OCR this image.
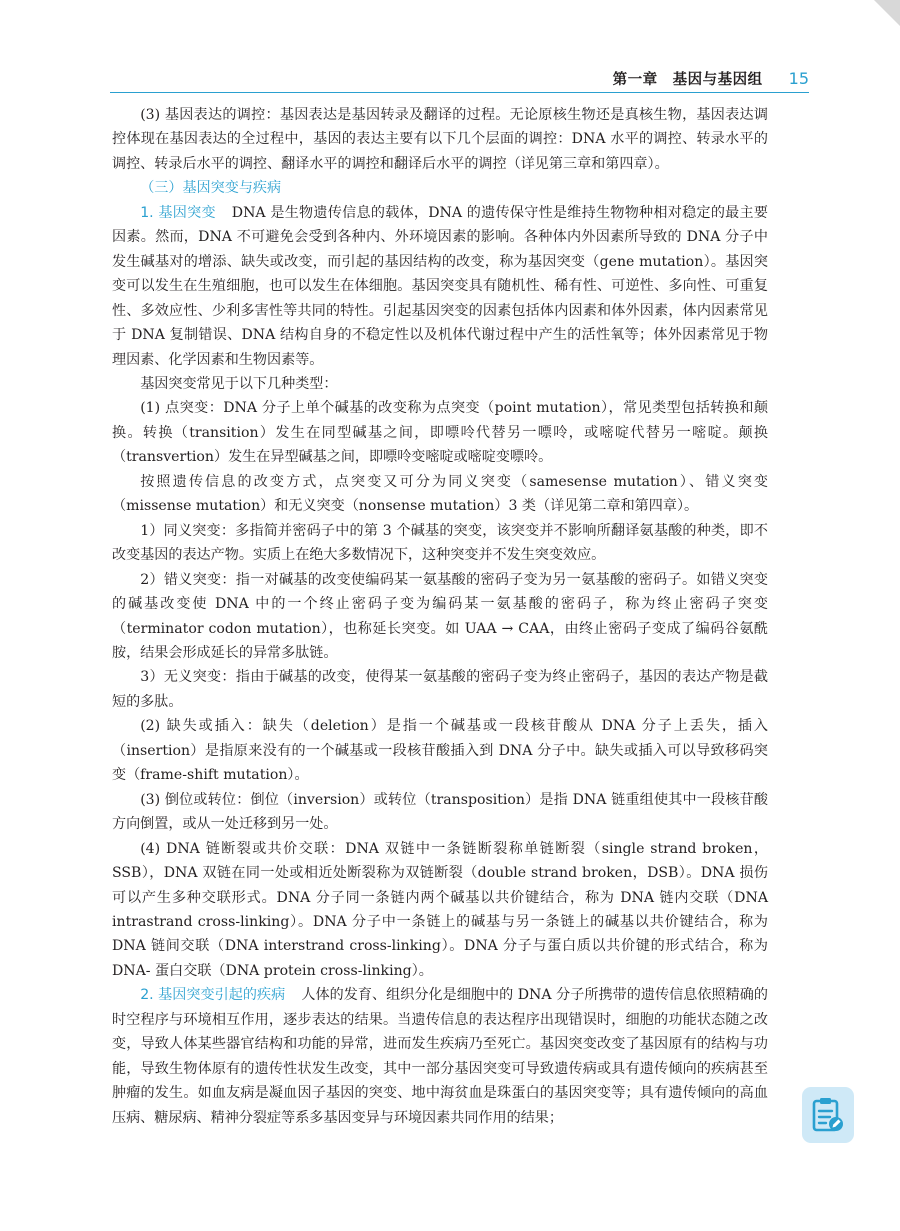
第一章　基因与基因组 15

(3) 基因表达的调控：基因表达是基因转录及翻译的过程。无论原核生物还是真核生物，基因表达调控体现在基因表达的全过程中，基因的表达主要有以下几个层面的调控：DNA 水平的调控、转录水平的调控、转录后水平的调控、翻译水平的调控和翻译后水平的调控（详见第三章和第四章）。

（三）基因突变与疾病

1. 基因突变 DNA 是生物遗传信息的载体，DNA 的遗传保守性是维持生物物种相对稳定的最主要因素。然而，DNA 不可避免会受到各种内、外环境因素的影响。各种体内外因素所导致的 DNA 分子中发生碱基对的增添、缺失或改变，而引起的基因结构的改变，称为基因突变（gene mutation）。基因突变可以发生在生殖细胞，也可以发生在体细胞。基因突变具有随机性、稀有性、可逆性、多向性、可重复性、多效应性、少利多害性等共同的特性。引起基因突变的因素包括体内因素和体外因素，体内因素常见于 DNA 复制错误、DNA 结构自身的不稳定性以及机体代谢过程中产生的活性氧等；体外因素常见于物理因素、化学因素和生物因素等。

基因突变常见于以下几种类型：

(1) 点突变：DNA 分子上单个碱基的改变称为点突变（point mutation），常见类型包括转换和颠换。转换（transition）发生在同型碱基之间，即嘌呤代替另一嘌呤，或嘧啶代替另一嘧啶。颠换（transvertion）发生在异型碱基之间，即嘌呤变嘧啶或嘧啶变嘌呤。

按照遗传信息的改变方式，点突变又可分为同义突变（samesense mutation）、错义突变（missense mutation）和无义突变（nonsense mutation）3 类（详见第二章和第四章）。

1）同义突变：多指简并密码子中的第 3 个碱基的突变，该突变并不影响所翻译氨基酸的种类，即不改变基因的表达产物。实质上在绝大多数情况下，这种突变并不发生突变效应。

2）错义突变：指一对碱基的改变使编码某一氨基酸的密码子变为另一氨基酸的密码子。如错义突变的碱基改变使 DNA 中的一个终止密码子变为编码某一氨基酸的密码子，称为终止密码子突变（terminator codon mutation），也称延长突变。如 UAA → CAA，由终止密码子变成了编码谷氨酰胺，结果会形成延长的异常多肽链。

3）无义突变：指由于碱基的改变，使得某一氨基酸的密码子变为终止密码子，基因的表达产物是截短的多肽。

(2) 缺失或插入：缺失（deletion）是指一个碱基或一段核苷酸从 DNA 分子上丢失，插入（insertion）是指原来没有的一个碱基或一段核苷酸插入到 DNA 分子中。缺失或插入可以导致移码突变（frame-shift mutation）。

(3) 倒位或转位：倒位（inversion）或转位（transposition）是指 DNA 链重组使其中一段核苷酸方向倒置，或从一处迁移到另一处。

(4) DNA 链断裂或共价交联：DNA 双链中一条链断裂称单链断裂（single strand broken，SSB），DNA 双链在同一处或相近处断裂称为双链断裂（double strand broken，DSB）。DNA 损伤可以产生多种交联形式。DNA 分子同一条链内两个碱基以共价键结合，称为 DNA 链内交联（DNA intrastrand cross-linking）。DNA 分子中一条链上的碱基与另一条链上的碱基以共价键结合，称为 DNA 链间交联（DNA interstrand cross-linking）。DNA 分子与蛋白质以共价键的形式结合，称为 DNA- 蛋白交联（DNA protein cross-linking）。

2. 基因突变引起的疾病 人体的发育、组织分化是细胞中的 DNA 分子所携带的遗传信息依照精确的时空程序与环境相互作用，逐步表达的结果。当遗传信息的表达程序出现错误时，细胞的功能状态随之改变，导致人体某些器官结构和功能的异常，进而发生疾病乃至死亡。基因突变改变了基因原有的结构与功能，导致生物体原有的遗传性状发生改变，其中一部分基因突变可导致遗传病或具有遗传倾向的疾病甚至肿瘤的发生。如血友病是凝血因子基因的突变、地中海贫血是珠蛋白的基因突变等；具有遗传倾向的高血压病、糖尿病、精神分裂症等系多基因变异与环境因素共同作用的结果；
